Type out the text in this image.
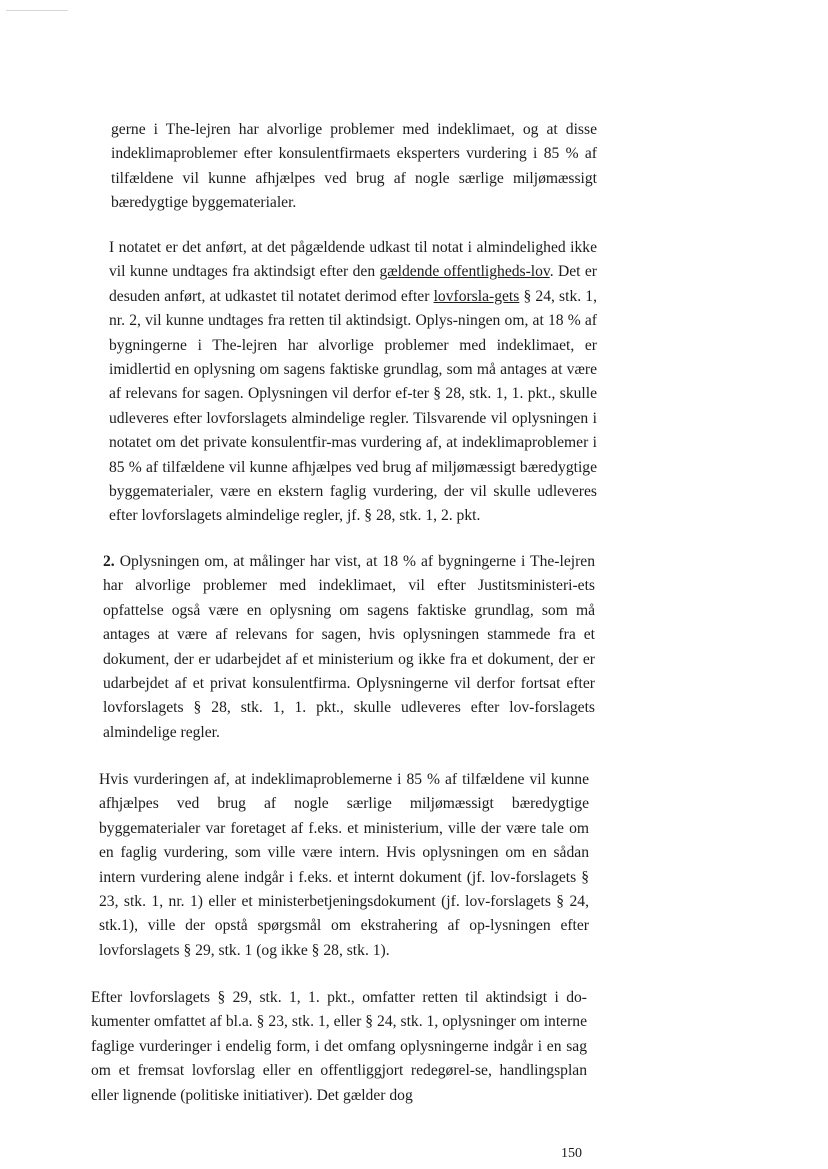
gerne i The-lejren har alvorlige problemer med indeklimaet, og at disse indeklimaproblemer efter konsulentfirmaets eksperters vurdering i 85 % af tilfældene vil kunne afhjælpes ved brug af nogle særlige miljømæssigt bæredygtige byggematerialer.

I notatet er det anført, at det pågældende udkast til notat i almindelighed ikke vil kunne undtages fra aktindsigt efter den gældende offentligheds-lov. Det er desuden anført, at udkastet til notatet derimod efter lovforsla-gets § 24, stk. 1, nr. 2, vil kunne undtages fra retten til aktindsigt. Oplys-ningen om, at 18 % af bygningerne i The-lejren har alvorlige problemer med indeklimaet, er imidlertid en oplysning om sagens faktiske grundlag, som må antages at være af relevans for sagen. Oplysningen vil derfor ef-ter § 28, stk. 1, 1. pkt., skulle udleveres efter lovforslagets almindelige regler. Tilsvarende vil oplysningen i notatet om det private konsulentfir-mas vurdering af, at indeklimaproblemer i 85 % af tilfældene vil kunne afhjælpes ved brug af miljømæssigt bæredygtige byggematerialer, være en ekstern faglig vurdering, der vil skulle udleveres efter lovforslagets almindelige regler, jf. § 28, stk. 1, 2. pkt.

2. Oplysningen om, at målinger har vist, at 18 % af bygningerne i The-lejren har alvorlige problemer med indeklimaet, vil efter Justitsministeri-ets opfattelse også være en oplysning om sagens faktiske grundlag, som må antages at være af relevans for sagen, hvis oplysningen stammede fra et dokument, der er udarbejdet af et ministerium og ikke fra et dokument, der er udarbejdet af et privat konsulentfirma. Oplysningerne vil derfor fortsat efter lovforslagets § 28, stk. 1, 1. pkt., skulle udleveres efter lov-forslagets almindelige regler.

Hvis vurderingen af, at indeklimaproblemerne i 85 % af tilfældene vil kunne afhjælpes ved brug af nogle særlige miljømæssigt bæredygtige byggematerialer var foretaget af f.eks. et ministerium, ville der være tale om en faglig vurdering, som ville være intern. Hvis oplysningen om en sådan intern vurdering alene indgår i f.eks. et internt dokument (jf. lov-forslagets § 23, stk. 1, nr. 1) eller et ministerbetjeningsdokument (jf. lov-forslagets § 24, stk.1), ville der opstå spørgsmål om ekstrahering af op-lysningen efter lovforslagets § 29, stk. 1 (og ikke § 28, stk. 1).

Efter lovforslagets § 29, stk. 1, 1. pkt., omfatter retten til aktindsigt i do-kumenter omfattet af bl.a. § 23, stk. 1, eller § 24, stk. 1, oplysninger om interne faglige vurderinger i endelig form, i det omfang oplysningerne indgår i en sag om et fremsat lovforslag eller en offentliggjort redegørel-se, handlingsplan eller lignende (politiske initiativer). Det gælder dog

150
